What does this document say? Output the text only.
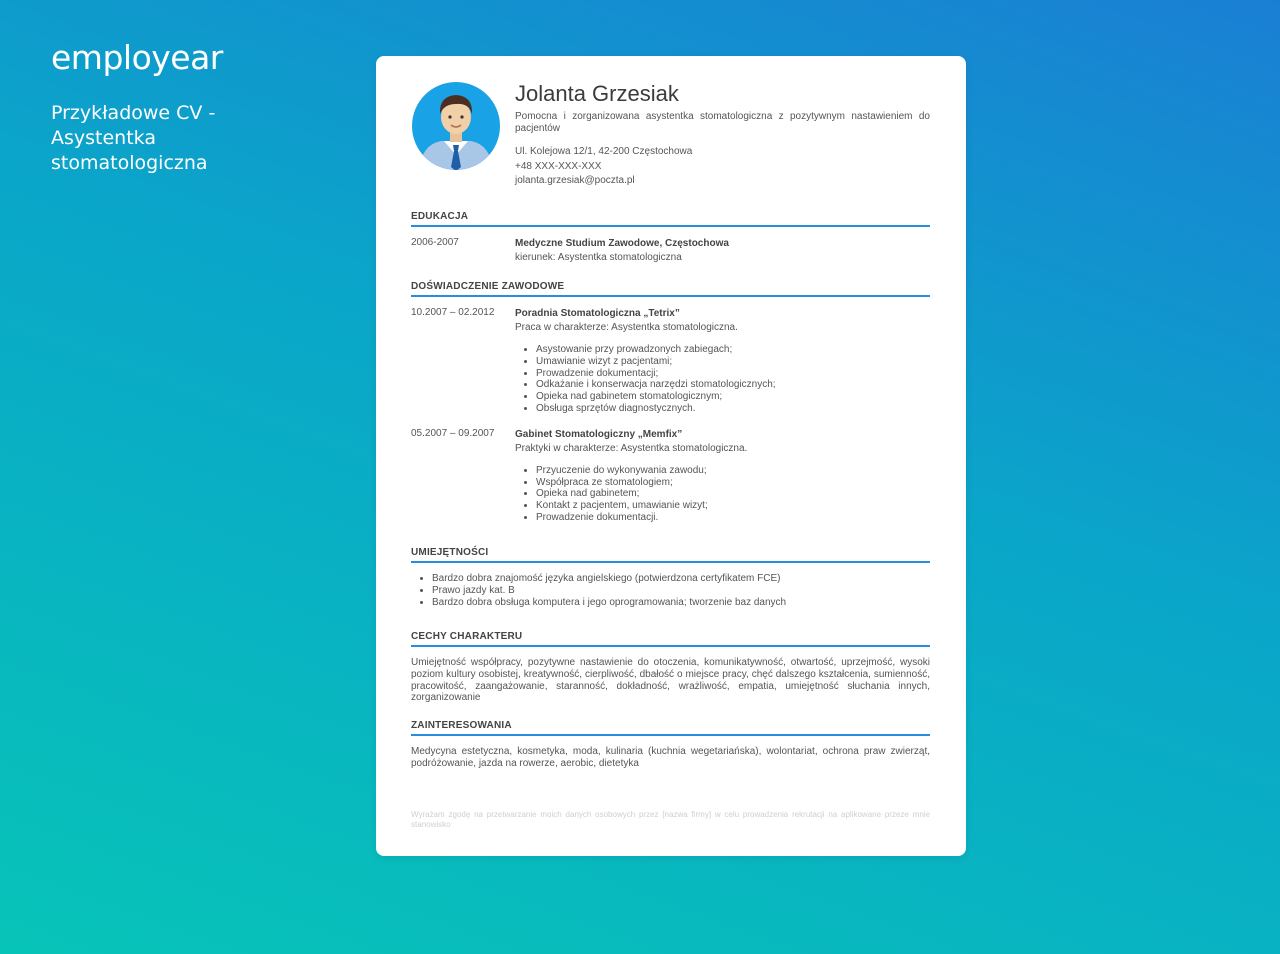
employear
Przykładowe CV - Asystentka stomatologiczna
Jolanta Grzesiak
Pomocna i zorganizowana asystentka stomatologiczna z pozytywnym nastawieniem do pacjentów
Ul. Kolejowa 12/1, 42-200 Częstochowa
+48 XXX-XXX-XXX
jolanta.grzesiak@poczta.pl
EDUKACJA
2006-2007	Medyczne Studium Zawodowe, Częstochowa
kierunek: Asystentka stomatologiczna
DOŚWIADCZENIE ZAWODOWE
10.2007 – 02.2012 Poradnia Stomatologiczna „Tetrix”
Praca w charakterze: Asystentka stomatologiczna.
• Asystowanie przy prowadzonych zabiegach;
• Umawianie wizyt z pacjentami;
• Prowadzenie dokumentacji;
• Odkażanie i konserwacja narzędzi stomatologicznych;
• Opieka nad gabinetem stomatologicznym;
• Obsługa sprzętów diagnostycznych.
05.2007 – 09.2007 Gabinet Stomatologiczny „Memfix”
Praktyki w charakterze: Asystentka stomatologiczna.
• Przyuczenie do wykonywania zawodu;
• Współpraca ze stomatologiem;
• Opieka nad gabinetem;
• Kontakt z pacjentem, umawianie wizyt;
• Prowadzenie dokumentacji.
UMIEJĘTNOŚCI
• Bardzo dobra znajomość języka angielskiego (potwierdzona certyfikatem FCE)
• Prawo jazdy kat. B
• Bardzo dobra obsługa komputera i jego oprogramowania; tworzenie baz danych
CECHY CHARAKTERU
Umiejętność współpracy, pozytywne nastawienie do otoczenia, komunikatywność, otwartość, uprzejmość, wysoki poziom kultury osobistej, kreatywność, cierpliwość, dbałość o miejsce pracy, chęć dalszego kształcenia, sumienność, pracowitość, zaangażowanie, staranność, dokładność, wrażliwość, empatia, umiejętność słuchania innych, zorganizowanie
ZAINTERESOWANIA
Medycyna estetyczna, kosmetyka, moda, kulinaria (kuchnia wegetariańska), wolontariat, ochrona praw zwierząt, podróżowanie, jazda na rowerze, aerobic, dietetyka
Wyrażam zgodę na przetwarzanie moich danych osobowych przez [nazwa firmy] w celu prowadzenia rekrutacji na aplikowane przeze mnie stanowisko
